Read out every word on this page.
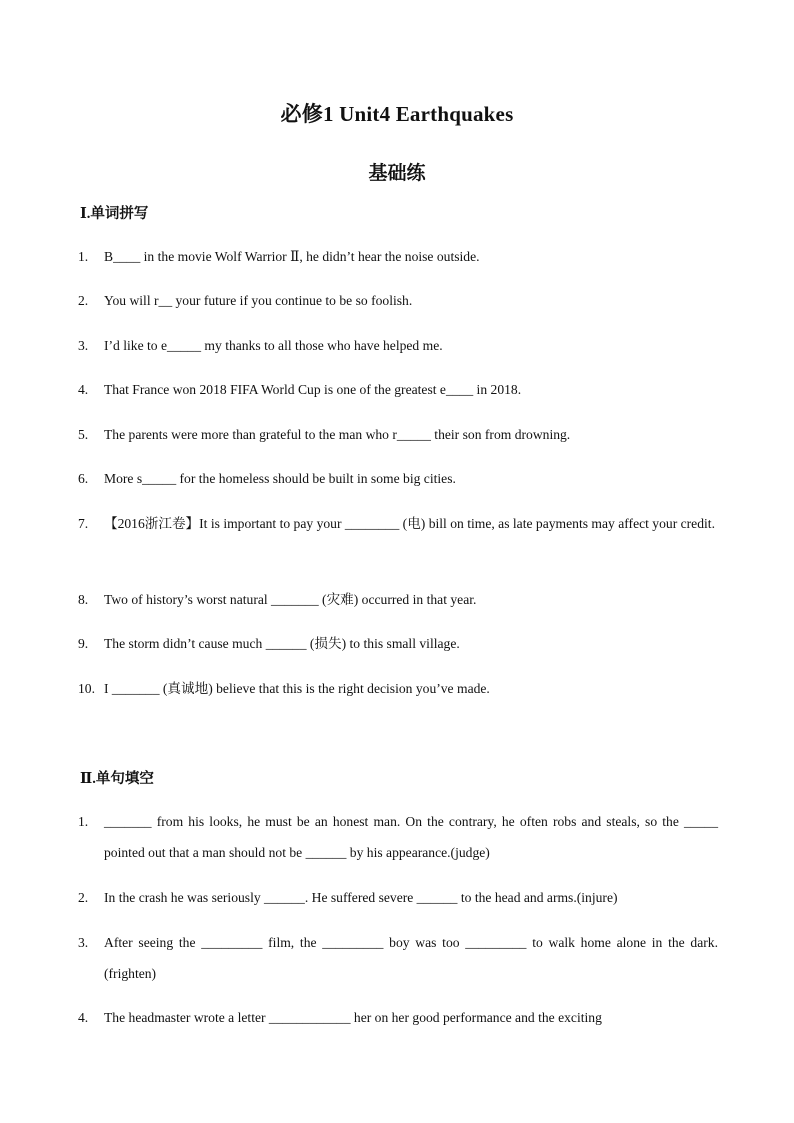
必修1 Unit4 Earthquakes
基础练
Ⅰ.单词拼写
1.	B____ in the movie Wolf Warrior Ⅱ, he didn’t hear the noise outside.
2.	You will r__ your future if you continue to be so foolish.
3.	I’d like to e_____ my thanks to all those who have helped me.
4.	That France won 2018 FIFA World Cup is one of the greatest e____ in 2018.
5.	The parents were more than grateful to the man who r_____ their son from drowning.
6.	More s_____ for the homeless should be built in some big cities.
7.	【2016浙江卷】It is important to pay your ________ (电) bill on time, as late payments may affect your credit.
8.	Two of history’s worst natural _______ (灾难) occurred in that year.
9.	The storm didn’t cause much ______ (损失) to this small village.
10. I _______ (真诚地) believe that this is the right decision you’ve made.
Ⅱ.单句填空
1.	_______ from his looks, he must be an honest man. On the contrary, he often robs and steals, so the _____ pointed out that a man should not be ______ by his appearance.(judge)
2.	In the crash he was seriously ______. He suffered severe ______ to the head and arms.(injure)
3.	After seeing the _________ film, the _________ boy was too _________ to walk home alone in the dark.(frighten)
4.	The headmaster wrote a letter ____________ her on her good performance and the exciting
